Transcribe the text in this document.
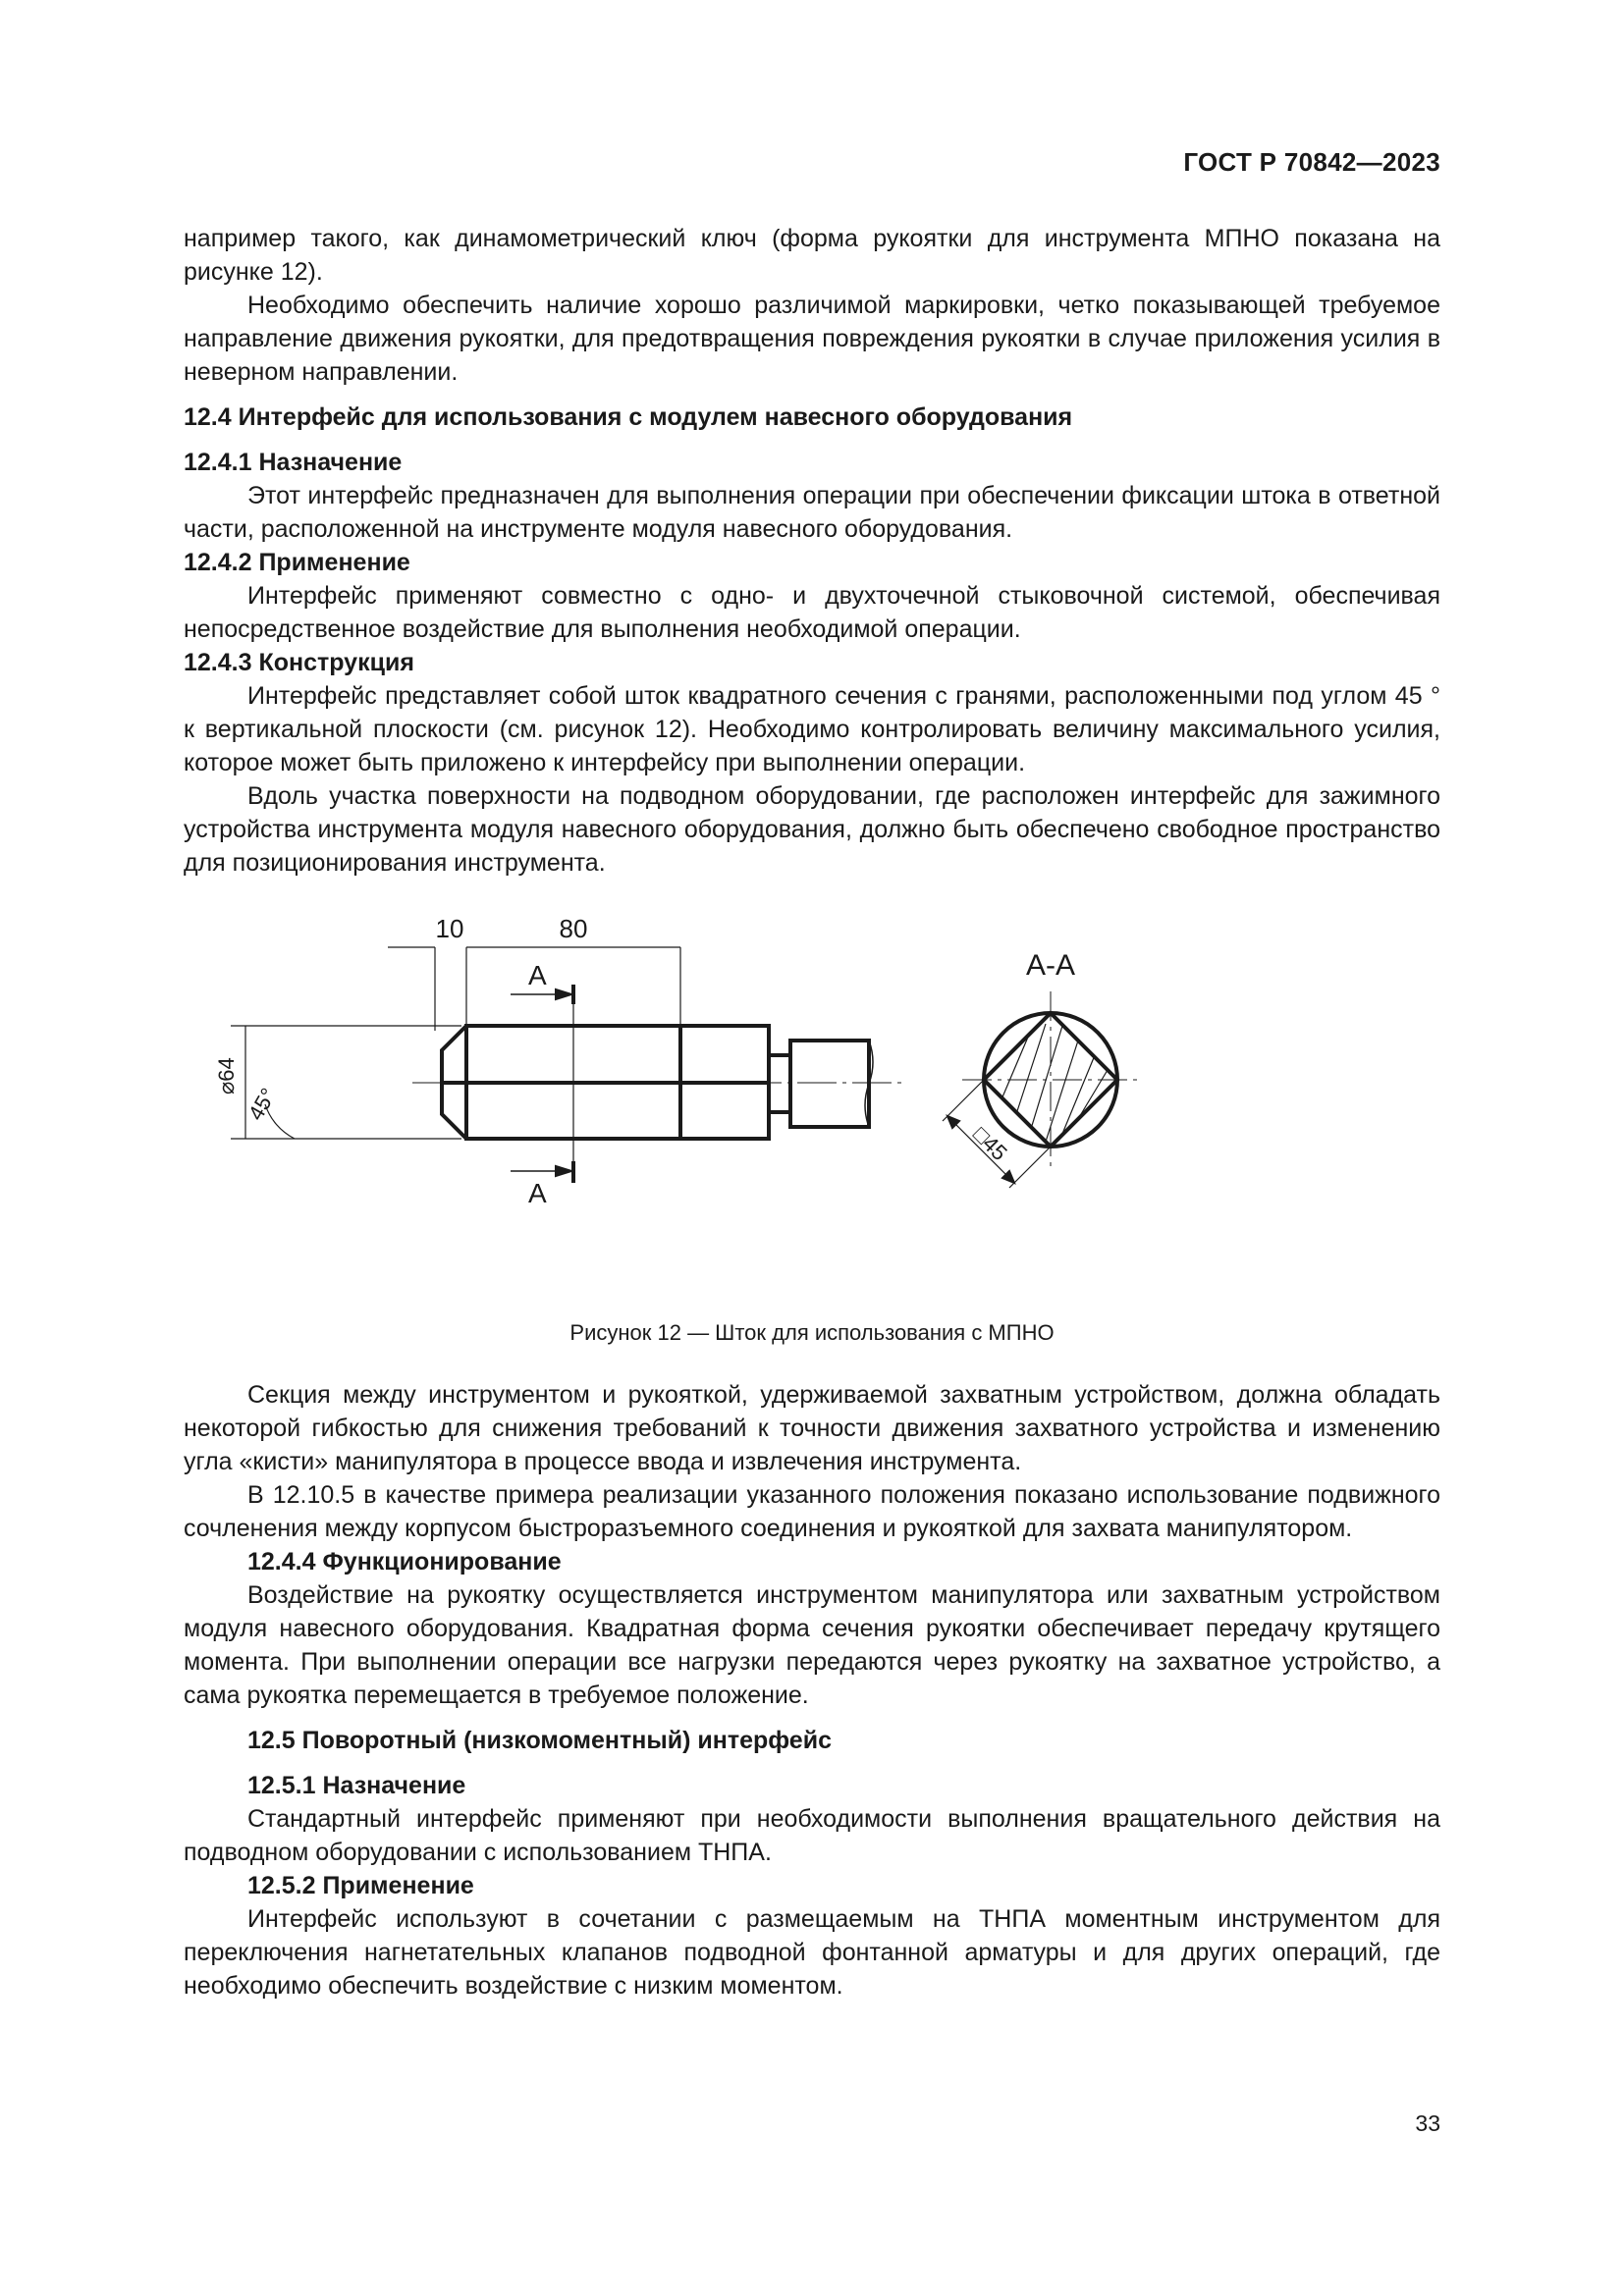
ГОСТ Р 70842—2023

например такого, как динамометрический ключ (форма рукоятки для инструмента МПНО показана на рисунке 12).

Необходимо обеспечить наличие хорошо различимой маркировки, четко показывающей требуемое направление движения рукоятки, для предотвращения повреждения рукоятки в случае приложения усилия в неверном направлении.

12.4 Интерфейс для использования с модулем навесного оборудования

12.4.1 Назначение

Этот интерфейс предназначен для выполнения операции при обеспечении фиксации штока в ответной части, расположенной на инструменте модуля навесного оборудования.

12.4.2 Применение

Интерфейс применяют совместно с одно- и двухточечной стыковочной системой, обеспечивая непосредственное воздействие для выполнения необходимой операции.

12.4.3 Конструкция

Интерфейс представляет собой шток квадратного сечения с гранями, расположенными под углом 45 ° к вертикальной плоскости (см. рисунок 12). Необходимо контролировать величину максимального усилия, которое может быть приложено к интерфейсу при выполнении операции.

Вдоль участка поверхности на подводном оборудовании, где расположен интерфейс для зажимного устройства инструмента модуля навесного оборудования, должно быть обеспечено свободное пространство для позиционирования инструмента.

10	80
А
А
А-А
⌀64
45°
□45
Рисунок 12 — Шток для использования с МПНО

Секция между инструментом и рукояткой, удерживаемой захватным устройством, должна обладать некоторой гибкостью для снижения требований к точности движения захватного устройства и изменению угла «кисти» манипулятора в процессе ввода и извлечения инструмента.

В 12.10.5 в качестве примера реализации указанного положения показано использование подвижного сочленения между корпусом быстроразъемного соединения и рукояткой для захвата манипулятором.

12.4.4 Функционирование

Воздействие на рукоятку осуществляется инструментом манипулятора или захватным устройством модуля навесного оборудования. Квадратная форма сечения рукоятки обеспечивает передачу крутящего момента. При выполнении операции все нагрузки передаются через рукоятку на захватное устройство, а сама рукоятка перемещается в требуемое положение.

12.5 Поворотный (низкомоментный) интерфейс

12.5.1 Назначение

Стандартный интерфейс применяют при необходимости выполнения вращательного действия на подводном оборудовании с использованием ТНПА.

12.5.2 Применение

Интерфейс используют в сочетании с размещаемым на ТНПА моментным инструментом для переключения нагнетательных клапанов подводной фонтанной арматуры и для других операций, где необходимо обеспечить воздействие с низким моментом.

33
